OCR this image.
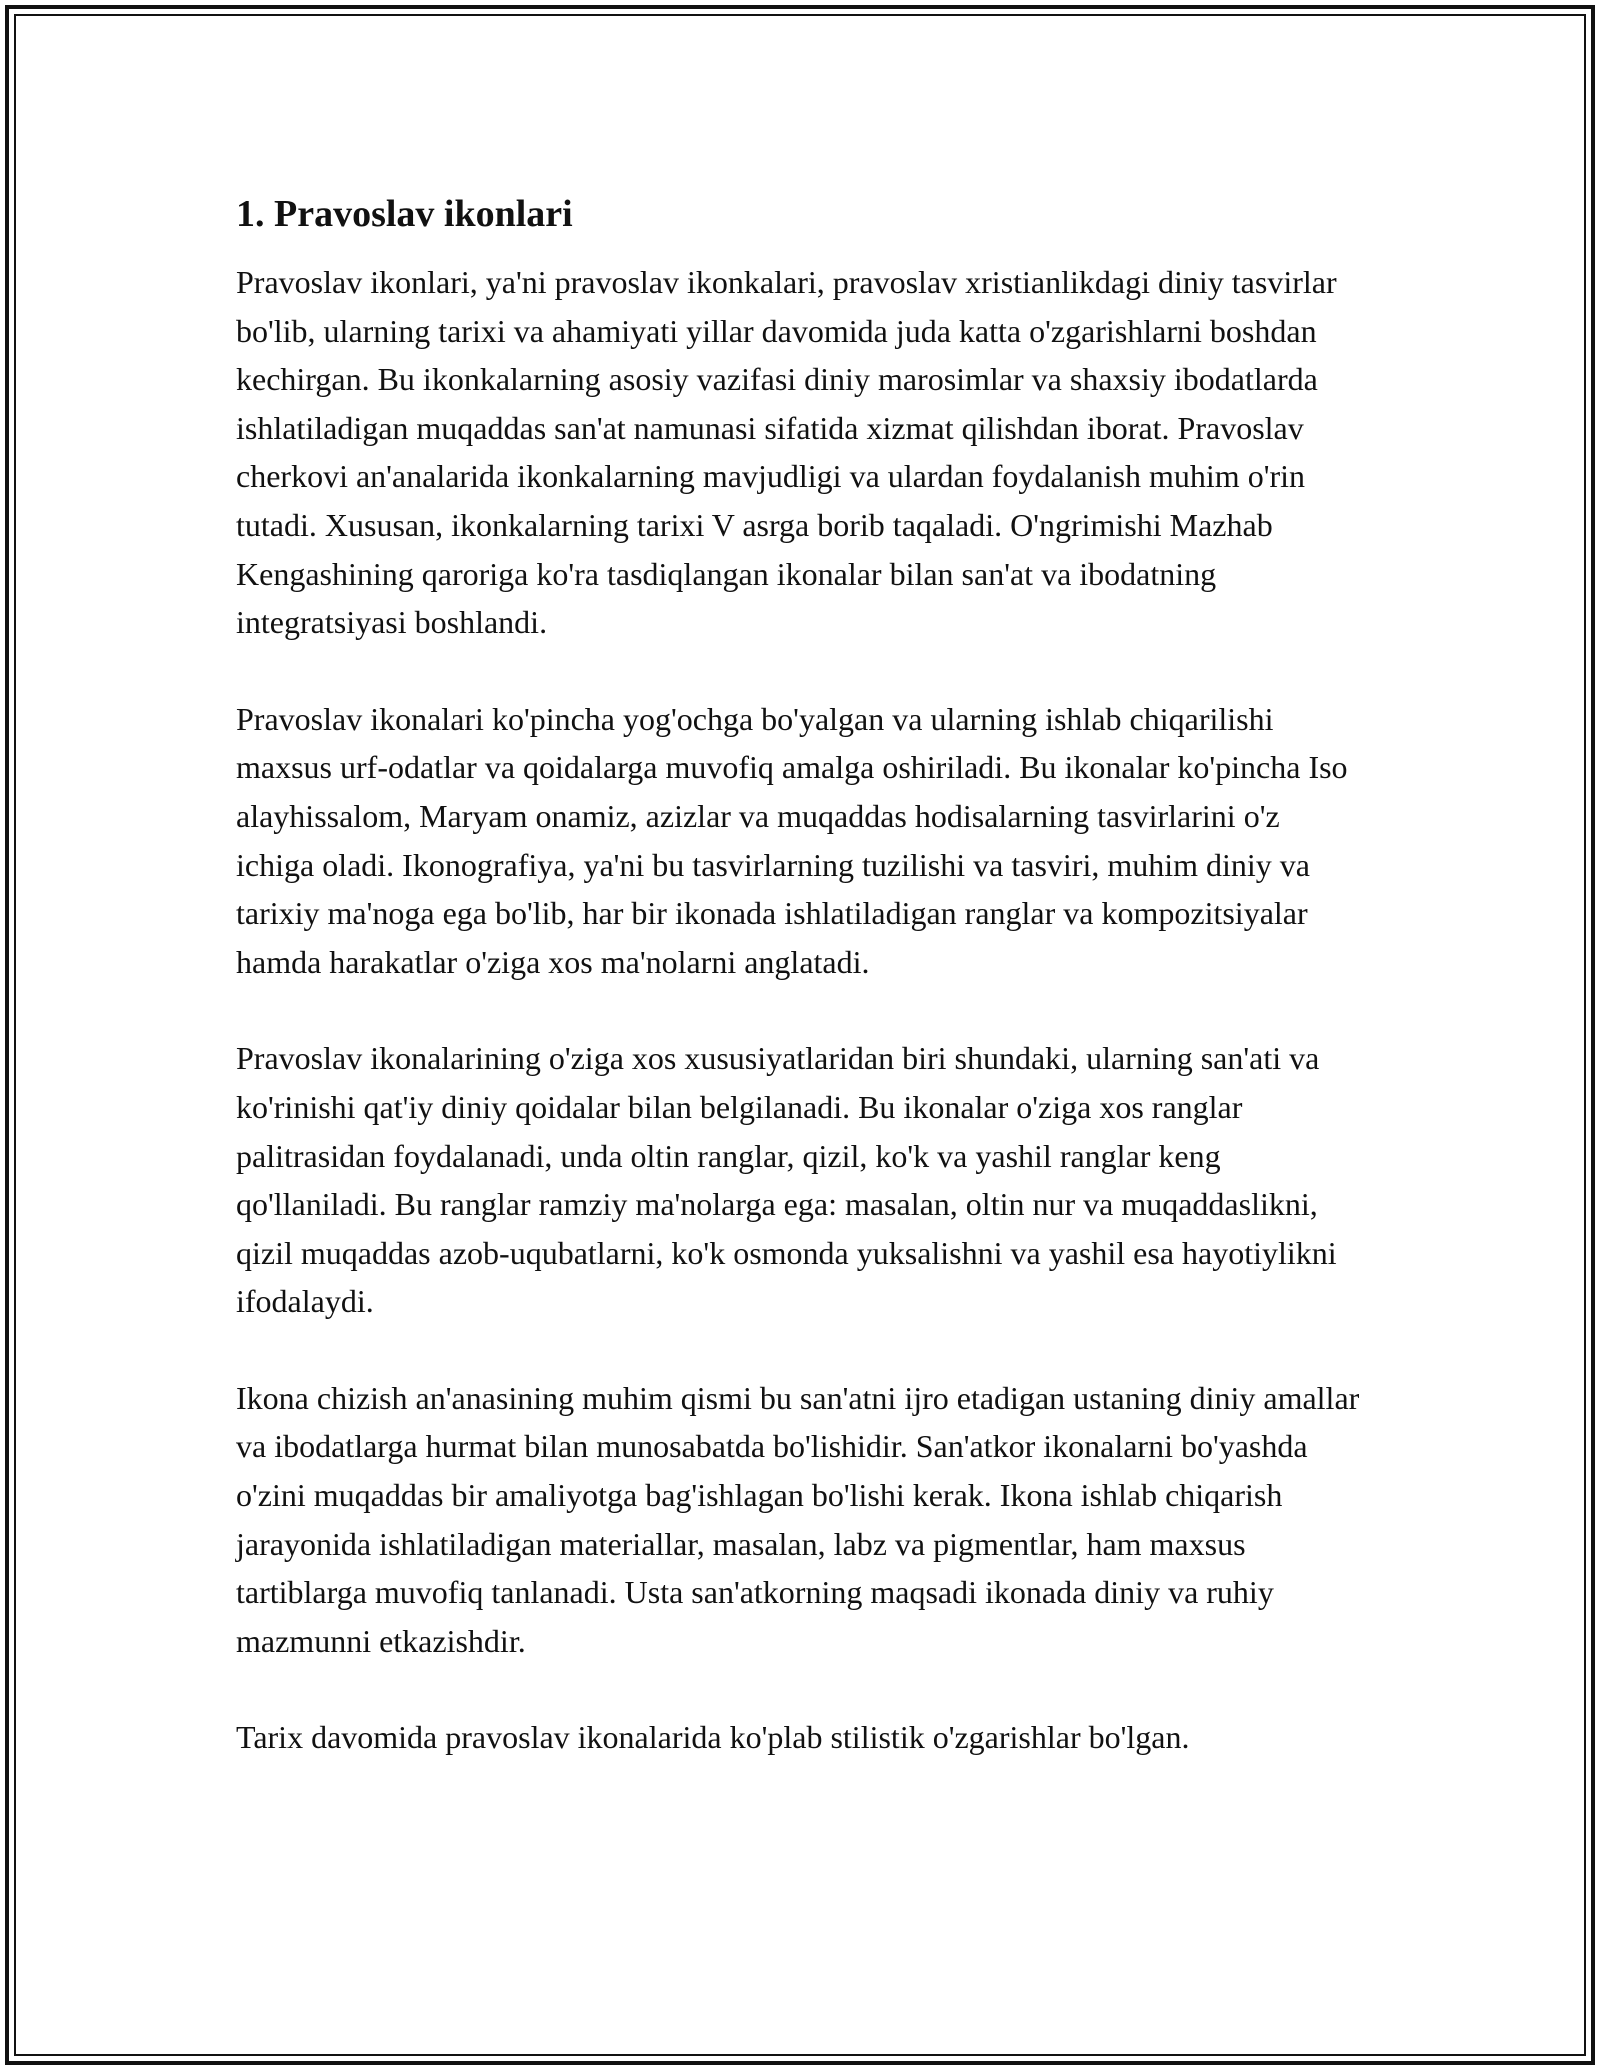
1. Pravoslav ikonlari

Pravoslav ikonlari, ya'ni pravoslav ikonkalari, pravoslav xristianlikdagi diniy tasvirlar bo'lib, ularning tarixi va ahamiyati yillar davomida juda katta o'zgarishlarni boshdan kechirgan. Bu ikonkalarning asosiy vazifasi diniy marosimlar va shaxsiy ibodatlarda ishlatiladigan muqaddas san'at namunasi sifatida xizmat qilishdan iborat. Pravoslav cherkovi an'analarida ikonkalarning mavjudligi va ulardan foydalanish muhim o'rin tutadi. Xususan, ikonkalarning tarixi V asrga borib taqaladi. O'ngrimishi Mazhab Kengashining qaroriga ko'ra tasdiqlangan ikonalar bilan san'at va ibodatning integratsiyasi boshlandi.

Pravoslav ikonalari ko'pincha yog'ochga bo'yalgan va ularning ishlab chiqarilishi maxsus urf-odatlar va qoidalarga muvofiq amalga oshiriladi. Bu ikonalar ko'pincha Iso alayhissalom, Maryam onamiz, azizlar va muqaddas hodisalarning tasvirlarini o'z ichiga oladi. Ikonografiya, ya'ni bu tasvirlarning tuzilishi va tasviri, muhim diniy va tarixiy ma'noga ega bo'lib, har bir ikonada ishlatiladigan ranglar va kompozitsiyalar hamda harakatlar o'ziga xos ma'nolarni anglatadi.

Pravoslav ikonalarining o'ziga xos xususiyatlaridan biri shundaki, ularning san'ati va ko'rinishi qat'iy diniy qoidalar bilan belgilanadi. Bu ikonalar o'ziga xos ranglar palitrasidan foydalanadi, unda oltin ranglar, qizil, ko'k va yashil ranglar keng qo'llaniladi. Bu ranglar ramziy ma'nolarga ega: masalan, oltin nur va muqaddaslikni, qizil muqaddas azob-uqubatlarni, ko'k osmonda yuksalishni va yashil esa hayotiylikni ifodalaydi.

Ikona chizish an'anasining muhim qismi bu san'atni ijro etadigan ustaning diniy amallar va ibodatlarga hurmat bilan munosabatda bo'lishidir. San'atkor ikonalarni bo'yashda o'zini muqaddas bir amaliyotga bag'ishlagan bo'lishi kerak. Ikona ishlab chiqarish jarayonida ishlatiladigan materiallar, masalan, labz va pigmentlar, ham maxsus tartiblarga muvofiq tanlanadi. Usta san'atkorning maqsadi ikonada diniy va ruhiy mazmunni etkazishdir.

Tarix davomida pravoslav ikonalarida ko'plab stilistik o'zgarishlar bo'lgan.
